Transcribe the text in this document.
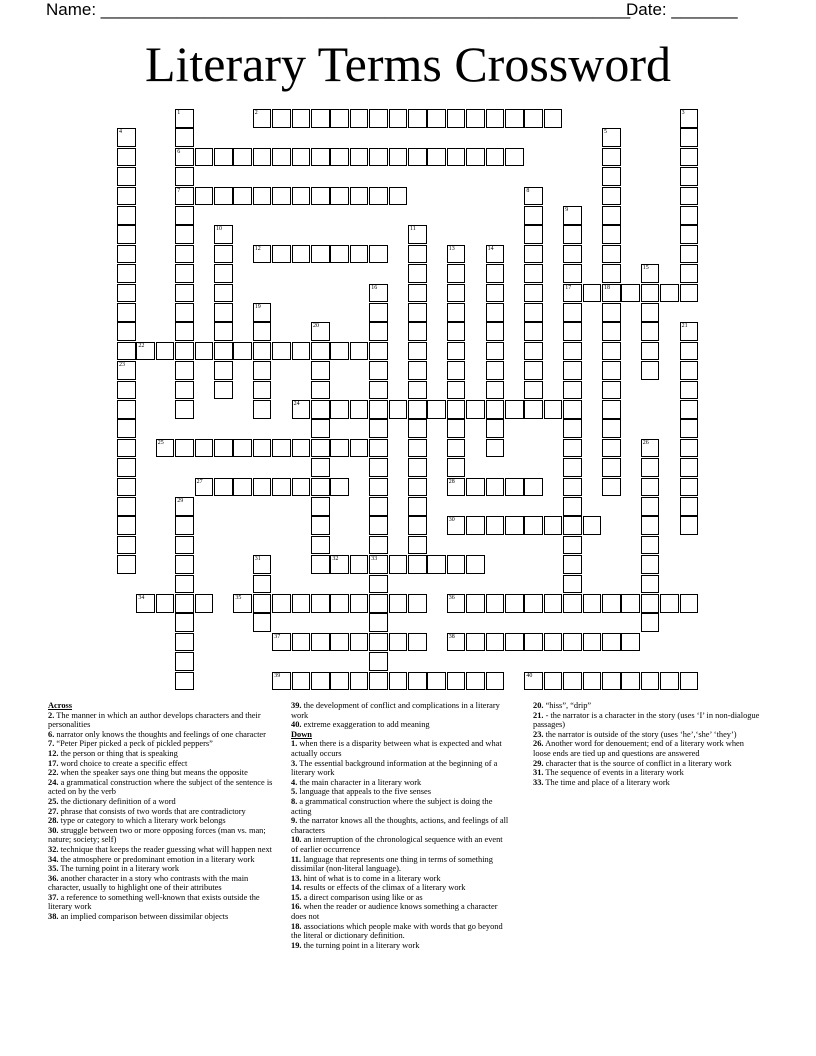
Name: ________________________________________________________
Date: _______
Literary Terms Crossword
2
6
7
12
17	18
22
24
25
27	28
30
32	33
34	35	36
37	38
39	40
1	3
4	5
8
9
10	11
13	14
15
16
19
20	21
23
26
29
31
Across
2. The manner in which an author develops characters and their personalities
6. narrator only knows the thoughts and feelings of one character
7. “Peter Piper picked a peck of pickled peppers”
12. the person or thing that is speaking
17. word choice to create a specific effect
22. when the speaker says one thing but means the opposite
24. a grammatical construction where the subject of the sentence is acted on by the verb
25. the dictionary definition of a word
27. phrase that consists of two words that are contradictory
28. type or category to which a literary work belongs
30. struggle between two or more opposing forces (man vs. man; nature; society; self)
32. technique that keeps the reader guessing what will happen next
34. the atmosphere or predominant emotion in a literary work
35. The turning point in a literary work
36. another character in a story who contrasts with the main character, usually to highlight one of their attributes
37. a reference to something well-known that exists outside the literary work
38. an implied comparison between dissimilar objects
39. the development of conflict and complications in a literary work
40. extreme exaggeration to add meaning
Down
1. when there is a disparity between what is expected and what actually occurs
3. The essential background information at the beginning of a literary work
4. the main character in a literary work
5. language that appeals to the five senses
8. a grammatical construction where the subject is doing the acting
9. the narrator knows all the thoughts, actions, and feelings of all characters
10. an interruption of the chronological sequence with an event of earlier occurrence
11. language that represents one thing in terms of something dissimilar (non-literal language).
13. hint of what is to come in a literary work
14. results or effects of the climax of a literary work
15. a direct comparison using like or as
16. when the reader or audience knows something a character does not
18. associations which people make with words that go beyond the literal or dictionary definition.
19. the turning point in a literary work
20. “hiss”, “drip”
21. - the narrator is a character in the story (uses ‘I’ in non-dialogue passages)
23. the narrator is outside of the story (uses ‘he’,‘she’ ‘they’)
26. Another word for denouement; end of a literary work when loose ends are tied up and questions are answered
29. character that is the source of conflict in a literary work
31. The sequence of events in a literary work
33. The time and place of a literary work
